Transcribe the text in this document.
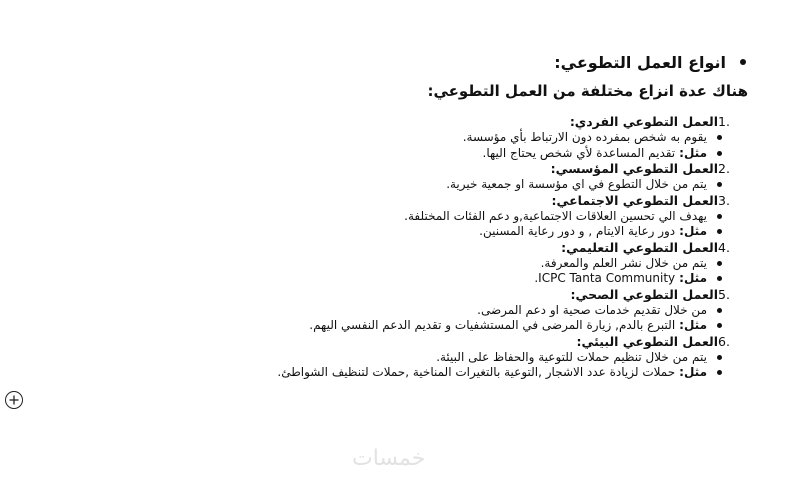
انواع العمل التطوعي:
هناك عدة انزاع مختلفة من العمل التطوعي:
1.
العمل التطوعي الفردي:
يقوم به شخص بمفرده دون الارتباط بأي مؤسسة.
مثل:
تقديم المساعدة لأي شخص يحتاج اليها.
2.
العمل التطوعي المؤسسي:
يتم من خلال التطوع في اي مؤسسة او جمعية خيرية.
3.
العمل التطوعي الاجتماعي:
يهدف الي تحسين العلاقات الاجتماعية,و دعم الفئات المختلفة.
مثل:
دور رعاية الايتام , و دور رعاية المسنين.
4.
العمل التطوعي التعليمي:
يتم من خلال نشر العلم والمعرفة.
مثل:
ICPC Tanta Community.
5.
العمل التطوعي الصحي:
من خلال تقديم خدمات صحية او دعم المرضى.
مثل:
التبرع بالدم, زيارة المرضى في المستشفيات و تقديم الدعم النفسي اليهم.
6.
العمل التطوعي البيئي:
يتم من خلال تنظيم حملات للتوعية والحفاظ على البيئة.
مثل:
حملات لزيادة عدد الاشجار ,التوعية بالتغيرات المناخية ,حملات لتنظيف الشواطئ.
خمسات
